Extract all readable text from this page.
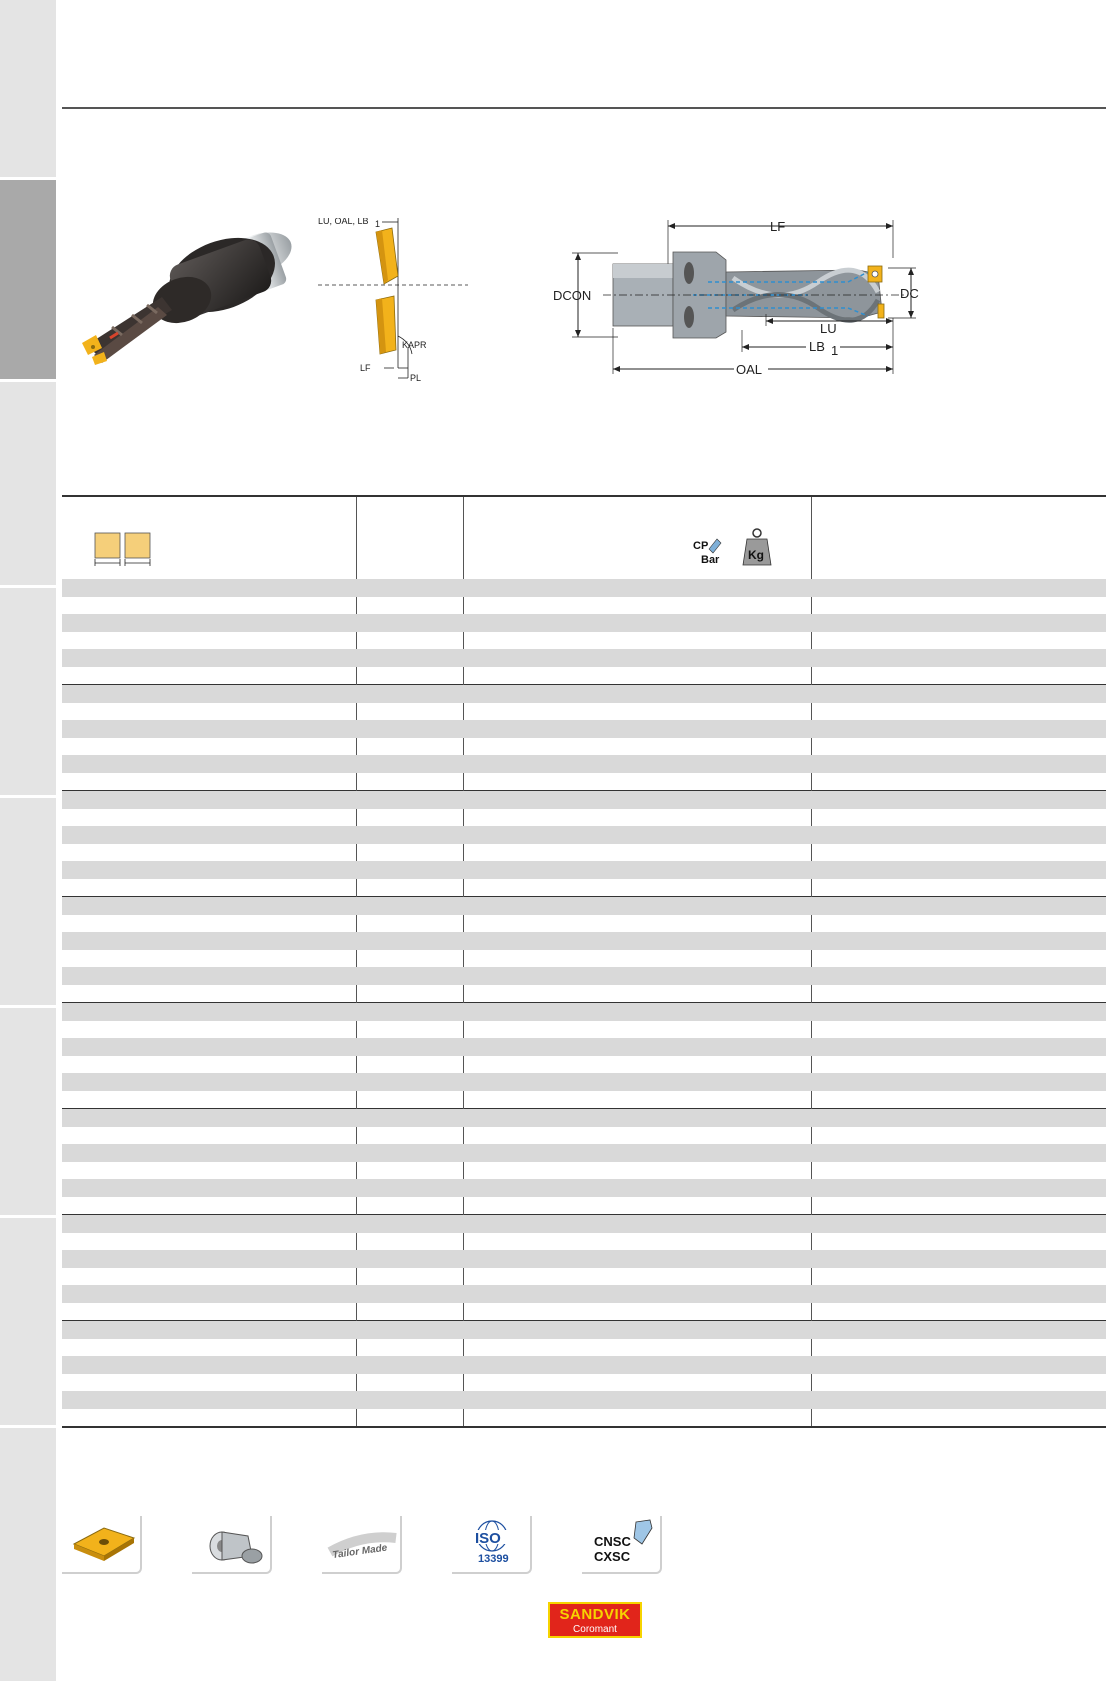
LU, OAL, LB 1
KAPR
LF
PL
LF
DCON	DC
LU
LB 1
OAL
CP
Bar Kg
Tailor Made
ISO
13399
CNSC
CXSC
SANDVIK
Coromant
